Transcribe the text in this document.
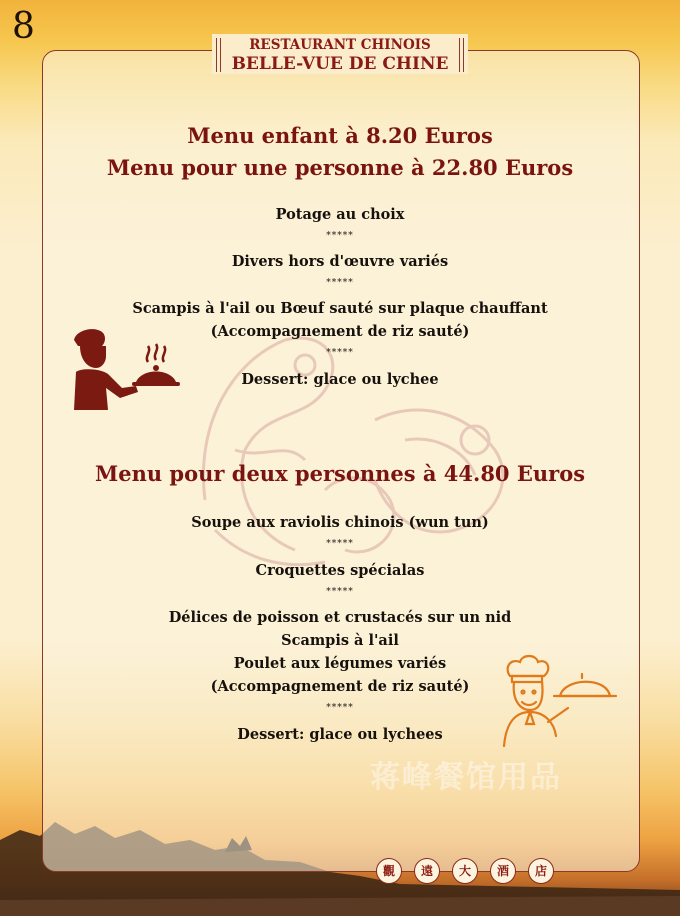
8	RESTAURANT CHINOIS
BELLE-VUE DE CHINE
Menu enfant à 8.20 Euros
Menu pour une personne à 22.80 Euros
Potage au choix
*****
Divers hors d'œuvre variés
*****
Scampis à l'ail ou Bœuf sauté sur plaque chauffant
(Accompagnement de riz sauté)
*****
Dessert: glace ou lychee
Menu pour deux personnes à 44.80 Euros
Soupe aux raviolis chinois (wun tun)
*****
Croquettes spécialas
*****
Délices de poisson et crustacés sur un nid
Scampis à l'ail
Poulet aux légumes variés
(Accompagnement de riz sauté)
*****
Dessert: glace ou lychees
蒋峰餐馆用品
觀	遠	大	酒	店
